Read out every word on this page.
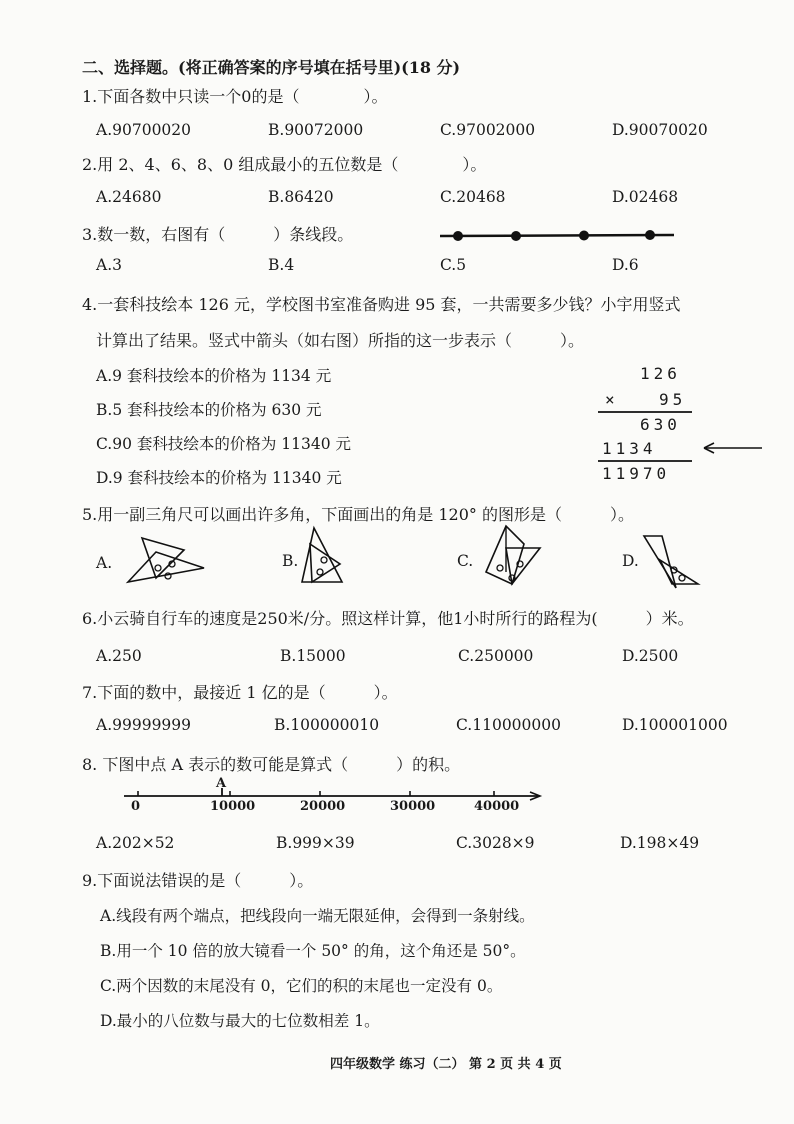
二、选择题。(将正确答案的序号填在括号里)(18 分)
1.下面各数中只读一个0的是（　　　　）。
A.90700020	B.90072000	C.97002000	D.90070020
2.用 2、4、6、8、0 组成最小的五位数是（　　　　）。
A.24680	B.86420	C.20468	D.02468
3.数一数，右图有（　　　）条线段。
A.3	B.4	C.5	D.6
4.一套科技绘本 126 元，学校图书室准备购进 95 套，一共需要多少钱？小宇用竖式
计算出了结果。竖式中箭头（如右图）所指的这一步表示（　　　）。
A.9 套科技绘本的价格为 1134 元
B.5 套科技绘本的价格为 630 元
C.90 套科技绘本的价格为 11340 元
D.9 套科技绘本的价格为 11340 元
126
×	95
630
1134
11970
5.用一副三角尺可以画出许多角，下面画出的角是 120° 的图形是（　　　）。
A.	B.	C.	D.
6.小云骑自行车的速度是250米/分。照这样计算，他1小时所行的路程为(　　　）米。
A.250	B.15000	C.250000	D.2500
7.下面的数中，最接近 1 亿的是（　　　）。
A.99999999	B.100000010	C.110000000	D.100001000
8. 下图中点 A 表示的数可能是算式（　　　）的积。
A
0	10000	20000	30000	40000
A.202×52	B.999×39	C.3028×9	D.198×49
9.下面说法错误的是（　　　）。
A.线段有两个端点，把线段向一端无限延伸，会得到一条射线。
B.用一个 10 倍的放大镜看一个 50° 的角，这个角还是 50°。
C.两个因数的末尾没有 0，它们的积的末尾也一定没有 0。
D.最小的八位数与最大的七位数相差 1。
四年级数学 练习（二） 第 2 页 共 4 页
